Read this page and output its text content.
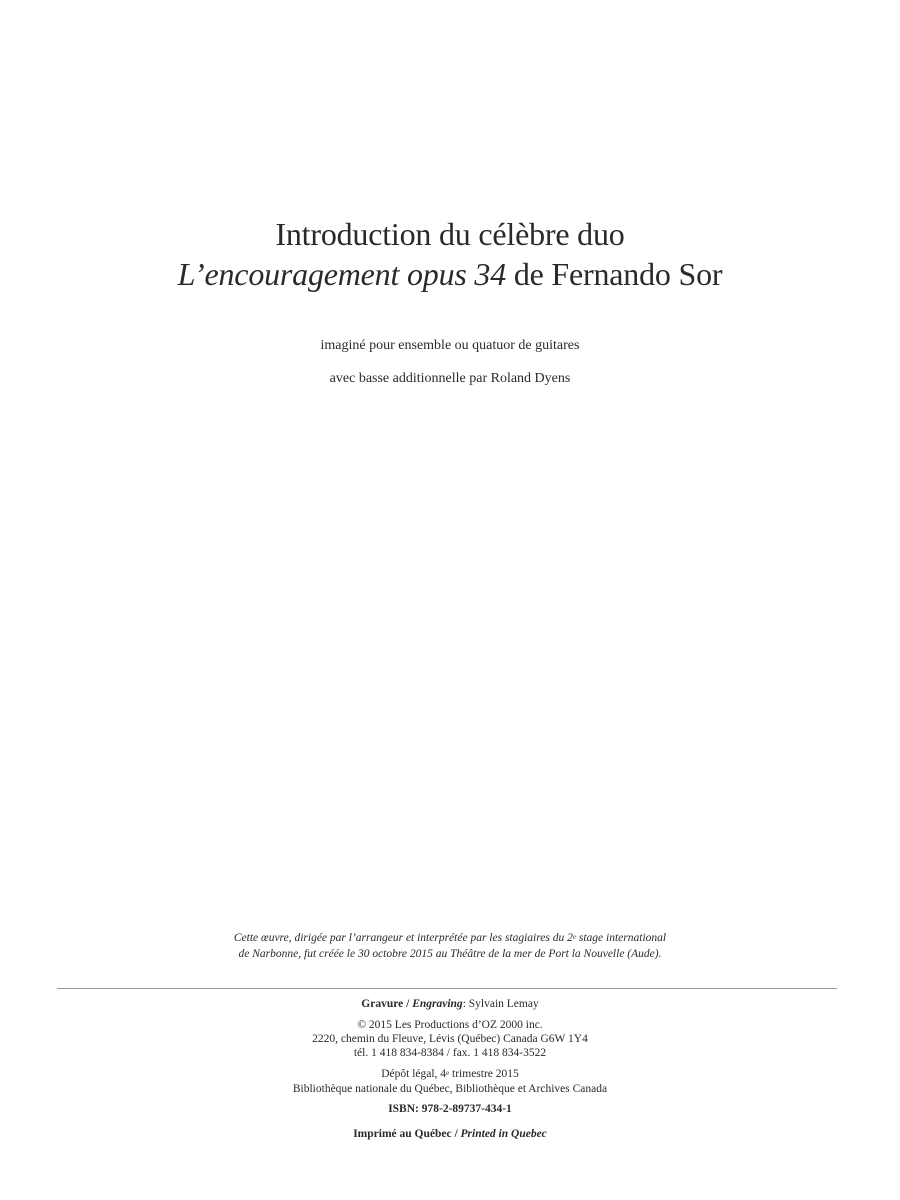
Introduction du célèbre duo
L’encouragement opus 34 de Fernando Sor
imaginé pour ensemble ou quatuor de guitares
avec basse additionnelle par Roland Dyens
Cette œuvre, dirigée par l’arrangeur et interprétée par les stagiaires du 2e stage international
de Narbonne, fut créée le 30 octobre 2015 au Théâtre de la mer de Port la Nouvelle (Aude).
Gravure / Engraving: Sylvain Lemay
© 2015 Les Productions d’OZ 2000 inc.
2220, chemin du Fleuve, Lévis (Québec) Canada G6W 1Y4
tél. 1 418 834-8384 / fax. 1 418 834-3522
Dépôt légal, 4e trimestre 2015
Bibliothèque nationale du Québec, Bibliothèque et Archives Canada
ISBN: 978-2-89737-434-1
Imprimé au Québec / Printed in Quebec
